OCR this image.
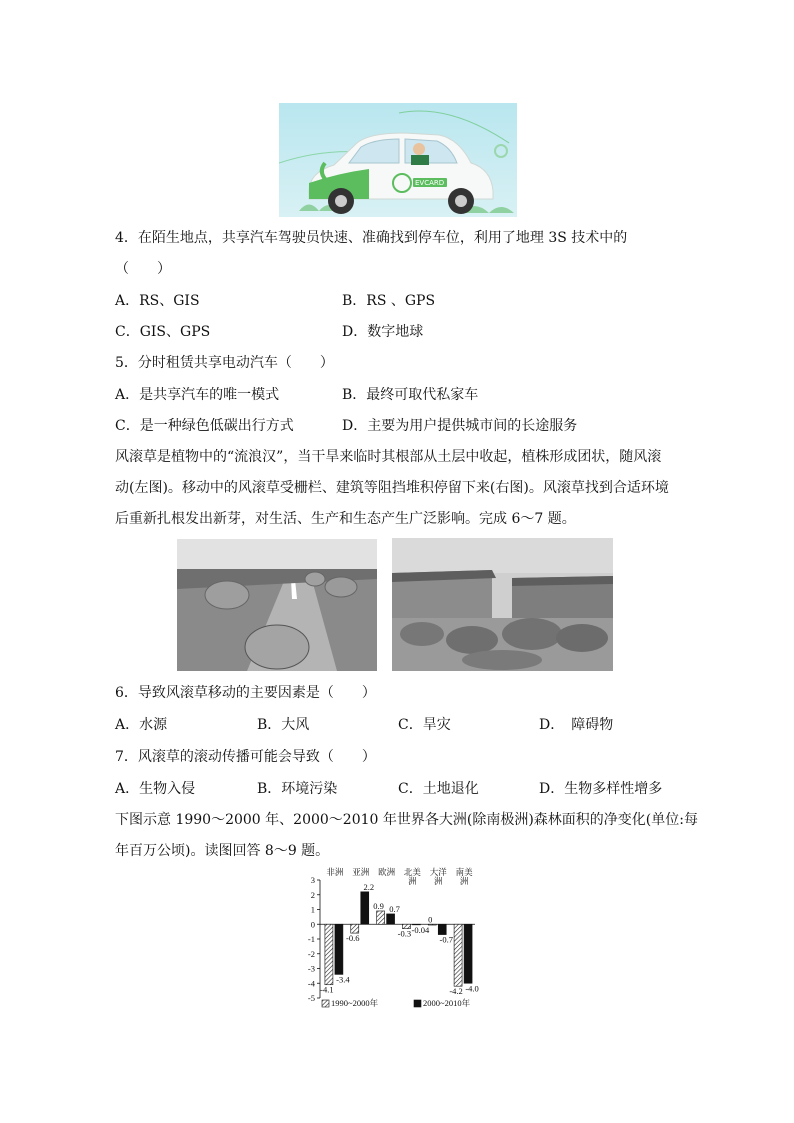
EVCARD
4．在陌生地点，共享汽车驾驶员快速、准确找到停车位，利用了地理 3S 技术中的
（　　）
A．RS、GIS	B．RS 、GPS
C．GIS、GPS	D．数字地球
5．分时租赁共享电动汽车（　　）
A．是共享汽车的唯一模式	B．最终可取代私家车
C．是一种绿色低碳出行方式	D．主要为用户提供城市间的长途服务
风滚草是植物中的“流浪汉”，当干旱来临时其根部从土层中收起，植株形成团状，随风滚
动(左图)。移动中的风滚草受栅栏、建筑等阻挡堆积停留下来(右图)。风滚草找到合适环境
后重新扎根发出新芽，对生活、生产和生态产生广泛影响。完成 6～7 题。
6．导致风滚草移动的主要因素是（　　）
A．水源	B．大风	C．旱灾	D．　障碍物
7．风滚草的滚动传播可能会导致（　　）
A．生物入侵	B．环境污染	C．土地退化	D．生物多样性增多
下图示意 1990～2000 年、2000～2010 年世界各大洲(除南极洲)森林面积的净变化(单位:每
年百万公顷)。读图回答 8～9 题。
3
2
1
0
-1
-2
-3
-4
-5
非洲
-4.1
-3.4
亚洲
-0.6
2.2
欧洲
0.9 0.7
北美
洲
-0.3 -0.04
大洋
洲
0
-0.7
南美
洲
-4.2 -4.0
1990~2000年	2000~2010年
